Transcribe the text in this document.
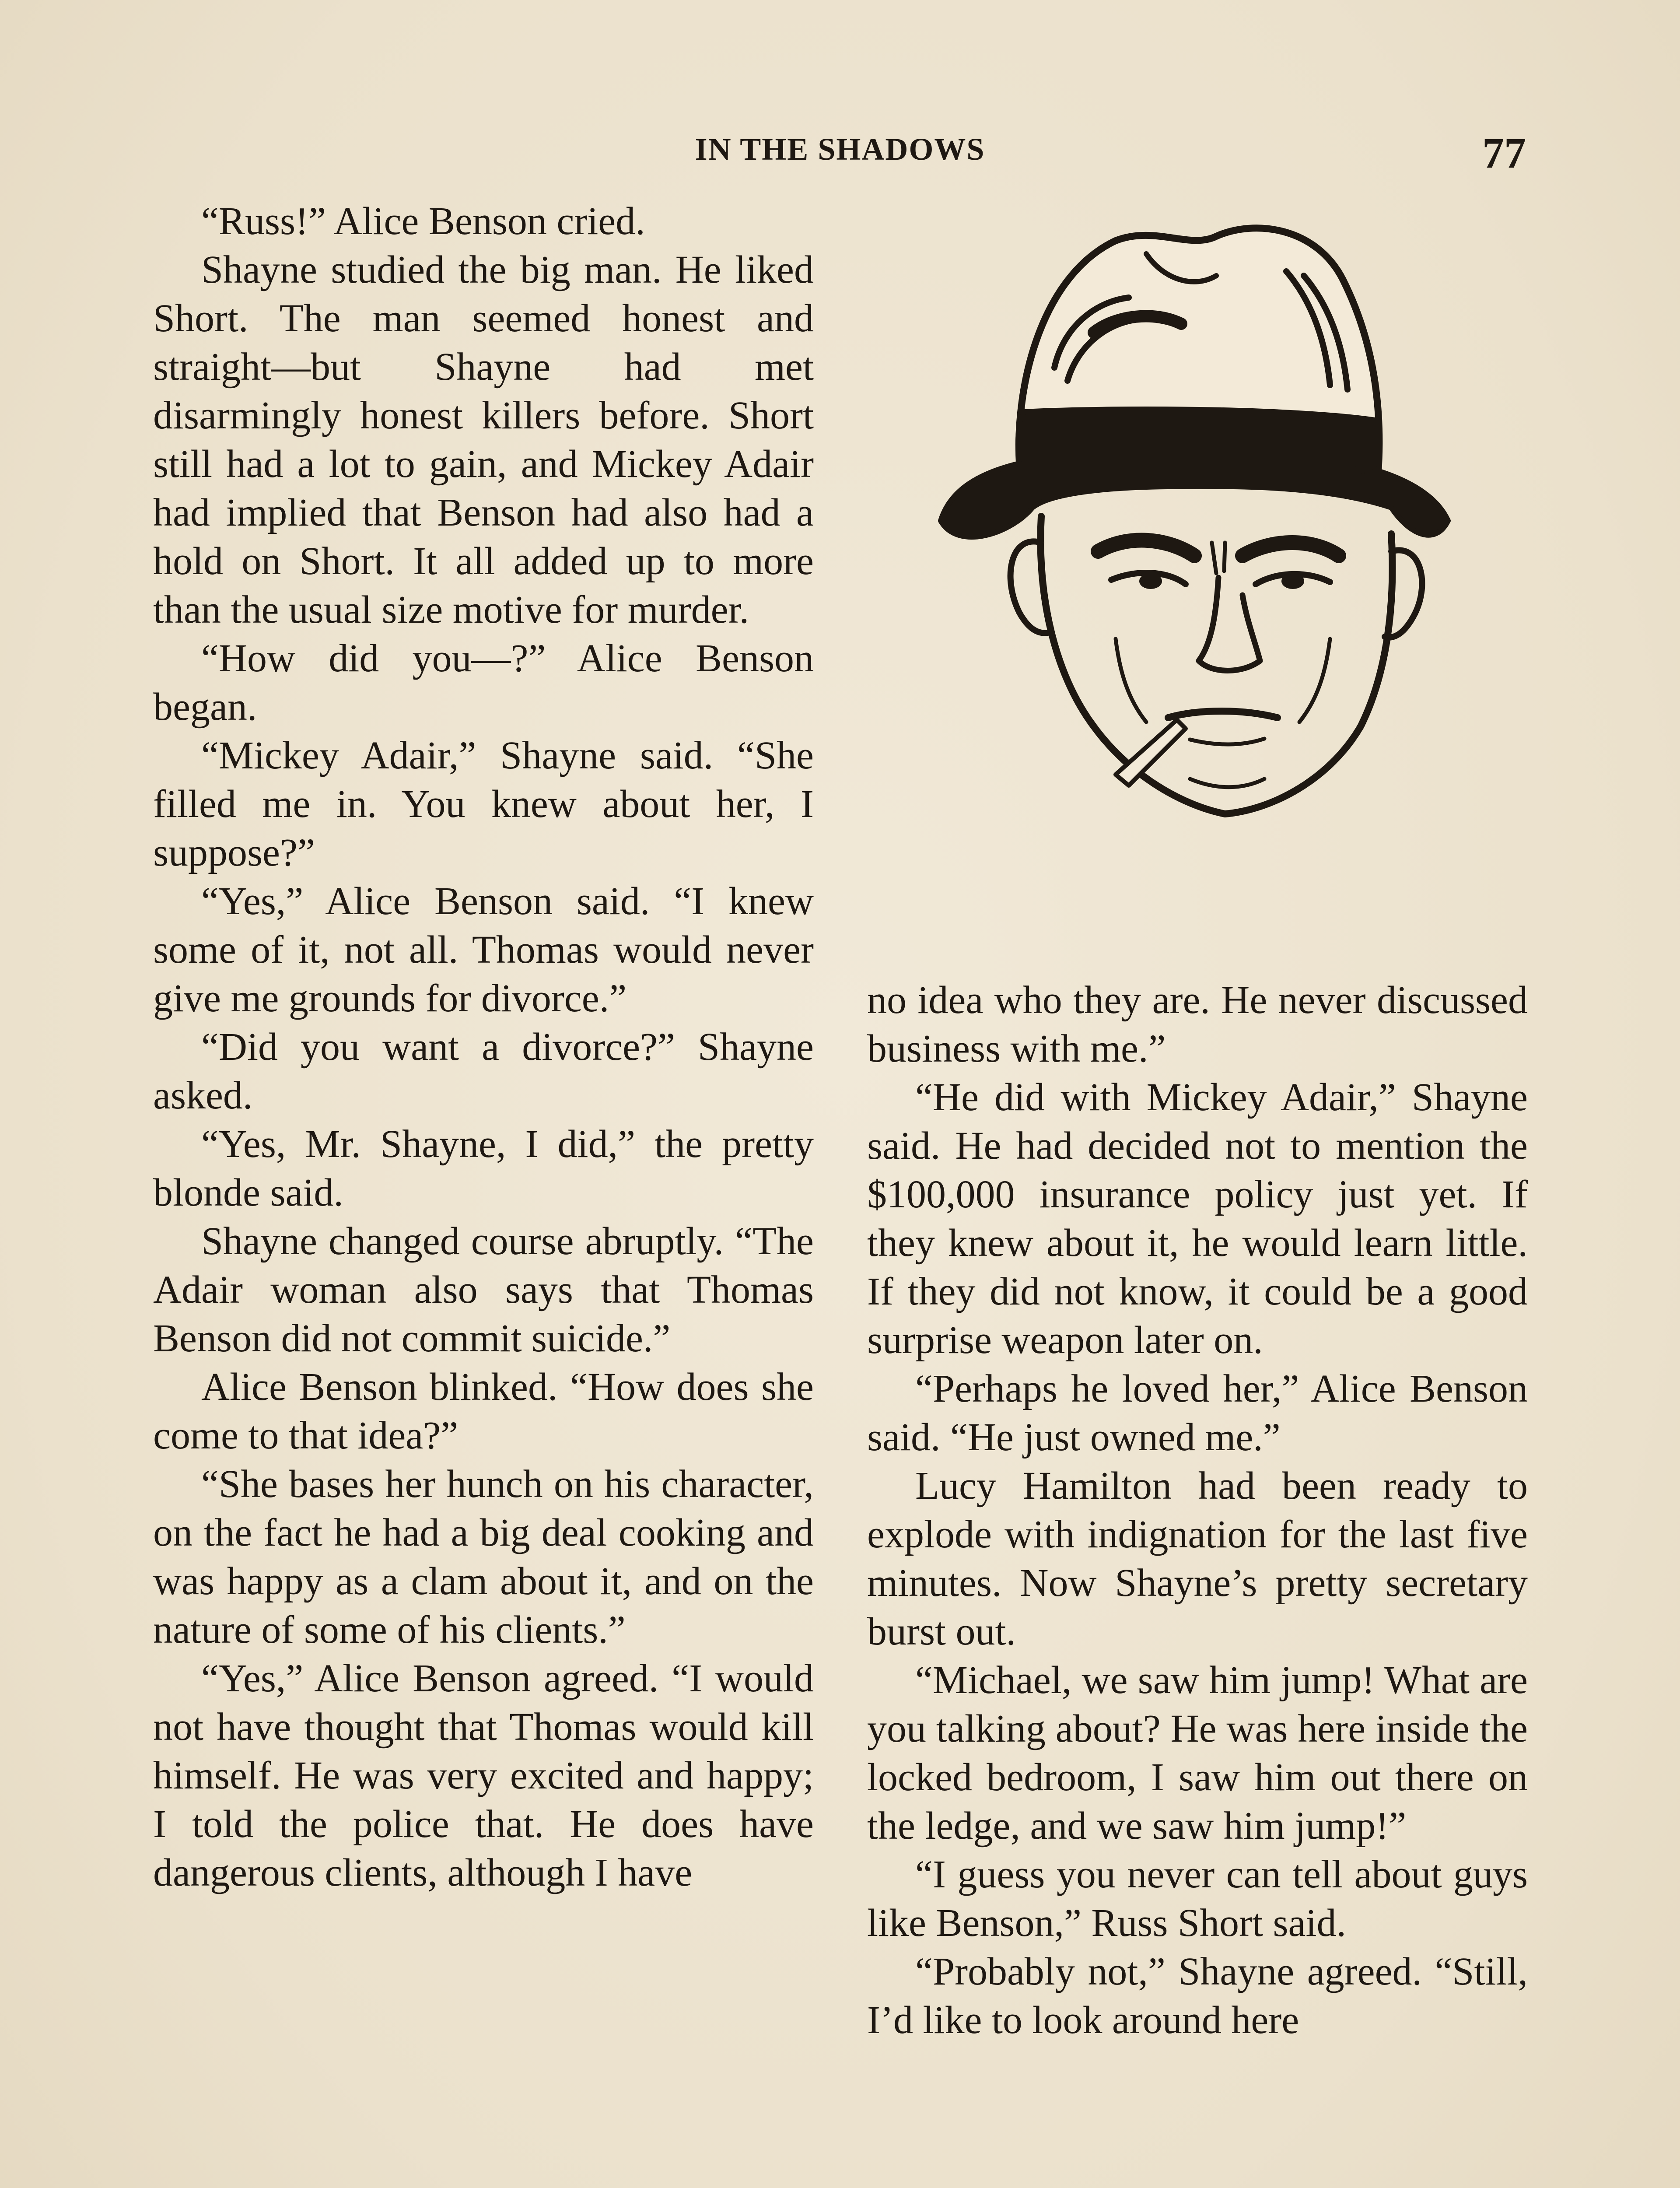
IN THE SHADOWS	77

“Russ!” Alice Benson cried.

Shayne studied the big man. He liked Short. The man seemed honest and straight—but Shayne had met disarmingly honest killers before. Short still had a lot to gain, and Mickey Adair had implied that Benson had also had a hold on Short. It all added up to more than the usual size motive for murder.

“How did you—?” Alice Benson began.

“Mickey Adair,” Shayne said. “She filled me in. You knew about her, I suppose?”

“Yes,” Alice Benson said. “I knew some of it, not all. Thomas would never give me grounds for divorce.”

“Did you want a divorce?” Shayne asked.

“Yes, Mr. Shayne, I did,” the pretty blonde said.

Shayne changed course abruptly. “The Adair woman also says that Thomas Benson did not commit suicide.”

Alice Benson blinked. “How does she come to that idea?”

“She bases her hunch on his character, on the fact he had a big deal cooking and was happy as a clam about it, and on the nature of some of his clients.”

“Yes,” Alice Benson agreed. “I would not have thought that Thomas would kill himself. He was very excited and happy; I told the police that. He does have dangerous clients, although I have

no idea who they are. He never discussed business with me.”

“He did with Mickey Adair,” Shayne said. He had decided not to mention the $100,000 insurance policy just yet. If they knew about it, he would learn little. If they did not know, it could be a good surprise weapon later on.

“Perhaps he loved her,” Alice Benson said. “He just owned me.”

Lucy Hamilton had been ready to explode with indignation for the last five minutes. Now Shayne’s pretty secretary burst out.

“Michael, we saw him jump! What are you talking about? He was here inside the locked bedroom, I saw him out there on the ledge, and we saw him jump!”

“I guess you never can tell about guys like Benson,” Russ Short said.

“Probably not,” Shayne agreed. “Still, I’d like to look around here
